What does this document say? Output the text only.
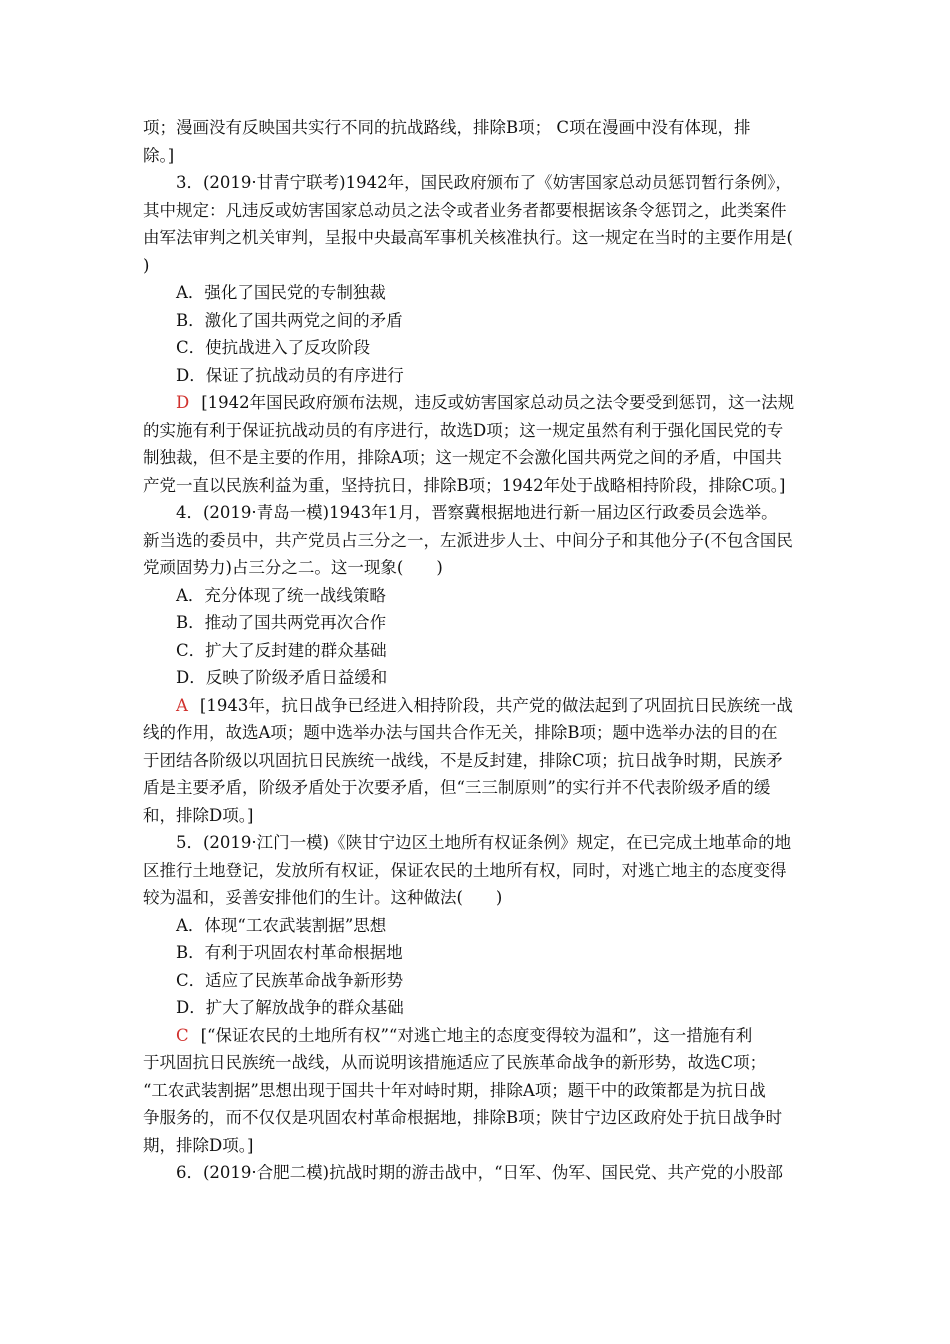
项；漫画没有反映国共实行不同的抗战路线，排除B项； C项在漫画中没有体现，排
除。]
3．(2019·甘青宁联考)1942年，国民政府颁布了《妨害国家总动员惩罚暂行条例》，
其中规定：凡违反或妨害国家总动员之法令或者业务者都要根据该条令惩罚之，此类案件
由军法审判之机关审判，呈报中央最高军事机关核准执行。这一规定在当时的主要作用是(
)
A．强化了国民党的专制独裁
B．激化了国共两党之间的矛盾
C．使抗战进入了反攻阶段
D．保证了抗战动员的有序进行
D [1942年国民政府颁布法规，违反或妨害国家总动员之法令要受到惩罚，这一法规
的实施有利于保证抗战动员的有序进行，故选D项；这一规定虽然有利于强化国民党的专
制独裁，但不是主要的作用，排除A项；这一规定不会激化国共两党之间的矛盾，中国共
产党一直以民族利益为重，坚持抗日，排除B项；1942年处于战略相持阶段，排除C项。]
4．(2019·青岛一模)1943年1月，晋察冀根据地进行新一届边区行政委员会选举。
新当选的委员中，共产党员占三分之一，左派进步人士、中间分子和其他分子(不包含国民
党顽固势力)占三分之二。这一现象(　　)
A．充分体现了统一战线策略
B．推动了国共两党再次合作
C．扩大了反封建的群众基础
D．反映了阶级矛盾日益缓和
A [1943年，抗日战争已经进入相持阶段，共产党的做法起到了巩固抗日民族统一战
线的作用，故选A项；题中选举办法与国共合作无关，排除B项；题中选举办法的目的在
于团结各阶级以巩固抗日民族统一战线，不是反封建，排除C项；抗日战争时期，民族矛
盾是主要矛盾，阶级矛盾处于次要矛盾，但“三三制原则”的实行并不代表阶级矛盾的缓
和，排除D项。]
5．(2019·江门一模)《陕甘宁边区土地所有权证条例》规定，在已完成土地革命的地
区推行土地登记，发放所有权证，保证农民的土地所有权，同时，对逃亡地主的态度变得
较为温和，妥善安排他们的生计。这种做法(　　)
A．体现“工农武装割据”思想
B．有利于巩固农村革命根据地
C．适应了民族革命战争新形势
D．扩大了解放战争的群众基础
C [“保证农民的土地所有权”“对逃亡地主的态度变得较为温和”，这一措施有利
于巩固抗日民族统一战线，从而说明该措施适应了民族革命战争的新形势，故选C项；
“工农武装割据”思想出现于国共十年对峙时期，排除A项；题干中的政策都是为抗日战
争服务的，而不仅仅是巩固农村革命根据地，排除B项；陕甘宁边区政府处于抗日战争时
期，排除D项。]
6．(2019·合肥二模)抗战时期的游击战中，“日军、伪军、国民党、共产党的小股部
